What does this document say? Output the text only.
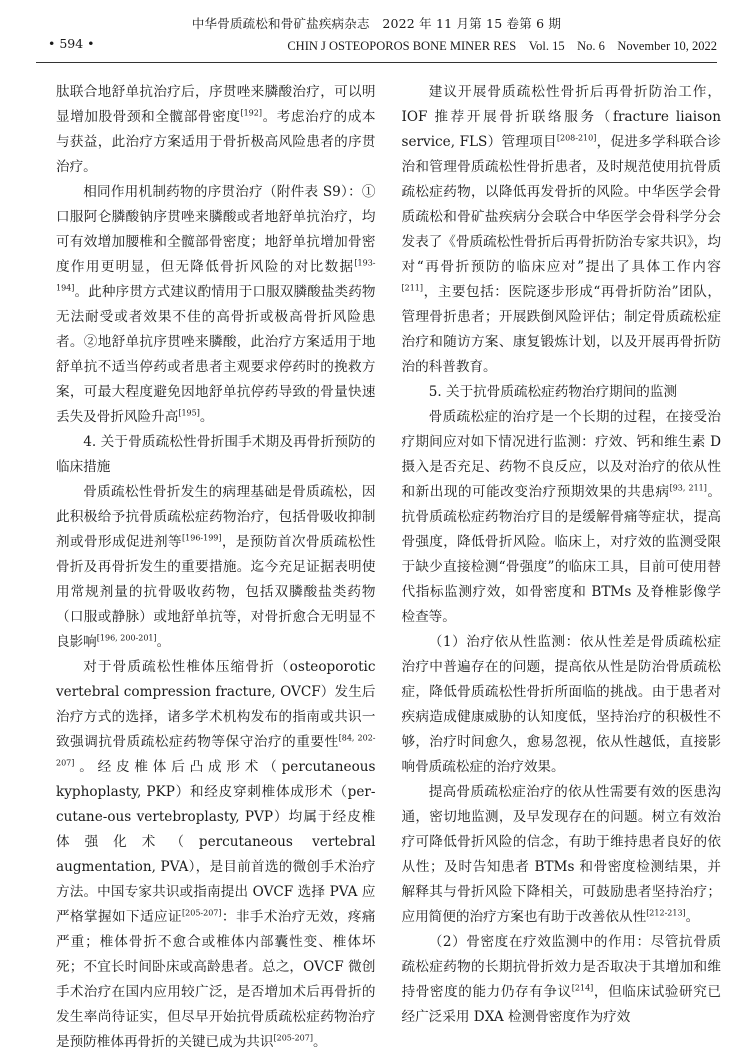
中华骨质疏松和骨矿盐疾病杂志　2022 年 11 月第 15 卷第 6 期
• 594 •	CHIN J OSTEOPOROS BONE MINER RES　Vol. 15　No. 6　November 10, 2022

肽联合地舒单抗治疗后，序贯唑来膦酸治疗，可以明显增加股骨颈和全髋部骨密度[192]。考虑治疗的成本与获益，此治疗方案适用于骨折极高风险患者的序贯治疗。

相同作用机制药物的序贯治疗（附件表 S9）：①口服阿仑膦酸钠序贯唑来膦酸或者地舒单抗治疗，均可有效增加腰椎和全髋部骨密度；地舒单抗增加骨密度作用更明显，但无降低骨折风险的对比数据[193-194]。此种序贯方式建议酌情用于口服双膦酸盐类药物无法耐受或者效果不佳的高骨折或极高骨折风险患者。②地舒单抗序贯唑来膦酸，此治疗方案适用于地舒单抗不适当停药或者患者主观要求停药时的挽救方案，可最大程度避免因地舒单抗停药导致的骨量快速丢失及骨折风险升高[195]。

4. 关于骨质疏松性骨折围手术期及再骨折预防的临床措施

骨质疏松性骨折发生的病理基础是骨质疏松，因此积极给予抗骨质疏松症药物治疗，包括骨吸收抑制剂或骨形成促进剂等[196-199]，是预防首次骨质疏松性骨折及再骨折发生的重要措施。迄今充足证据表明使用常规剂量的抗骨吸收药物，包括双膦酸盐类药物（口服或静脉）或地舒单抗等，对骨折愈合无明显不良影响[196, 200-201]。

对于骨质疏松性椎体压缩骨折（osteoporotic vertebral compression fracture, OVCF）发生后治疗方式的选择，诸多学术机构发布的指南或共识一致强调抗骨质疏松症药物等保守治疗的重要性[84, 202-207]。经皮椎体后凸成形术（percutaneous kyphoplasty, PKP）和经皮穿刺椎体成形术（per-cutane-ous vertebroplasty, PVP）均属于经皮椎体强化术（percutaneous vertebral augmentation, PVA），是目前首选的微创手术治疗方法。中国专家共识或指南提出 OVCF 选择 PVA 应严格掌握如下适应证[205-207]：非手术治疗无效，疼痛严重；椎体骨折不愈合或椎体内部囊性变、椎体坏死；不宜长时间卧床或高龄患者。总之，OVCF 微创手术治疗在国内应用较广泛，是否增加术后再骨折的发生率尚待证实，但尽早开始抗骨质疏松症药物治疗是预防椎体再骨折的关键已成为共识[205-207]。

建议开展骨质疏松性骨折后再骨折防治工作，IOF 推荐开展骨折联络服务（fracture liaison service, FLS）管理项目[208-210]，促进多学科联合诊治和管理骨质疏松性骨折患者，及时规范使用抗骨质疏松症药物，以降低再发骨折的风险。中华医学会骨质疏松和骨矿盐疾病分会联合中华医学会骨科学分会发表了《骨质疏松性骨折后再骨折防治专家共识》，均对“再骨折预防的临床应对”提出了具体工作内容[211]，主要包括：医院逐步形成“再骨折防治”团队，管理骨折患者；开展跌倒风险评估；制定骨质疏松症治疗和随访方案、康复锻炼计划，以及开展再骨折防治的科普教育。

5. 关于抗骨质疏松症药物治疗期间的监测

骨质疏松症的治疗是一个长期的过程，在接受治疗期间应对如下情况进行监测：疗效、钙和维生素 D 摄入是否充足、药物不良反应，以及对治疗的依从性和新出现的可能改变治疗预期效果的共患病[93, 211]。抗骨质疏松症药物治疗目的是缓解骨痛等症状，提高骨强度，降低骨折风险。临床上，对疗效的监测受限于缺少直接检测“骨强度”的临床工具，目前可使用替代指标监测疗效，如骨密度和 BTMs 及脊椎影像学检查等。

（1）治疗依从性监测：依从性差是骨质疏松症治疗中普遍存在的问题，提高依从性是防治骨质疏松症，降低骨质疏松性骨折所面临的挑战。由于患者对疾病造成健康威胁的认知度低，坚持治疗的积极性不够，治疗时间愈久，愈易忽视，依从性越低，直接影响骨质疏松症的治疗效果。

提高骨质疏松症治疗的依从性需要有效的医患沟通，密切地监测，及早发现存在的问题。树立有效治疗可降低骨折风险的信念，有助于维持患者良好的依从性；及时告知患者 BTMs 和骨密度检测结果，并解释其与骨折风险下降相关，可鼓励患者坚持治疗；应用简便的治疗方案也有助于改善依从性[212-213]。

（2）骨密度在疗效监测中的作用：尽管抗骨质疏松症药物的长期抗骨折效力是否取决于其增加和维持骨密度的能力仍存有争议[214]，但临床试验研究已经广泛采用 DXA 检测骨密度作为疗效
